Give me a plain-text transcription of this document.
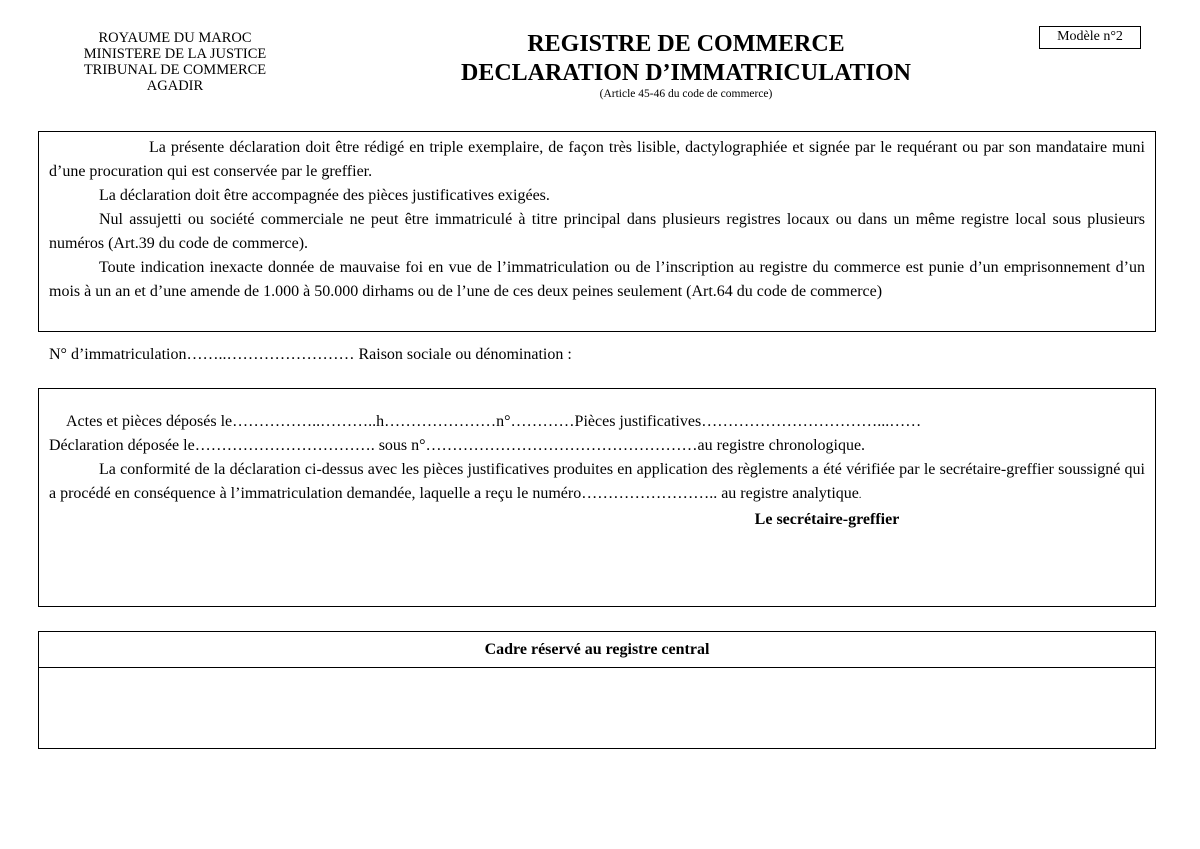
ROYAUME DU MAROC
MINISTERE DE LA JUSTICE
TRIBUNAL DE COMMERCE
AGADIR
REGISTRE DE COMMERCE
DECLARATION D’IMMATRICULATION
(Article 45-46 du code de commerce)
Modèle n°2

La présente déclaration doit être rédigé en triple exemplaire, de façon très lisible, dactylographiée et signée par le requérant ou par son mandataire muni d’une procuration qui est conservée par le greffier.

La déclaration doit être accompagnée des pièces justificatives exigées.

Nul assujetti ou société commerciale ne peut être immatriculé à titre principal dans plusieurs registres locaux ou dans un même registre local sous plusieurs numéros (Art.39 du code de commerce).

Toute indication inexacte donnée de mauvaise foi en vue de l’immatriculation ou de l’inscription au registre du commerce est punie d’un emprisonnement d’un mois à un an et d’une amende de 1.000 à 50.000 dirhams ou de l’une de ces deux peines seulement (Art.64 du code de commerce)

N° d’immatriculation……..…………………… Raison sociale ou dénomination :

Actes et pièces déposés le……………..………..h…………………n°…………Pièces justificatives……………………………...……

Déclaration déposée le……………………………. sous n°……………………………………………au registre chronologique.

La conformité de la déclaration ci-dessus avec les pièces justificatives produites en application des règlements a été vérifiée par le secrétaire-greffier soussigné qui a procédé en conséquence à l’immatriculation demandée, laquelle a reçu le numéro…………………….. au registre analytique.

Le secrétaire-greffier
Cadre réservé au registre central
